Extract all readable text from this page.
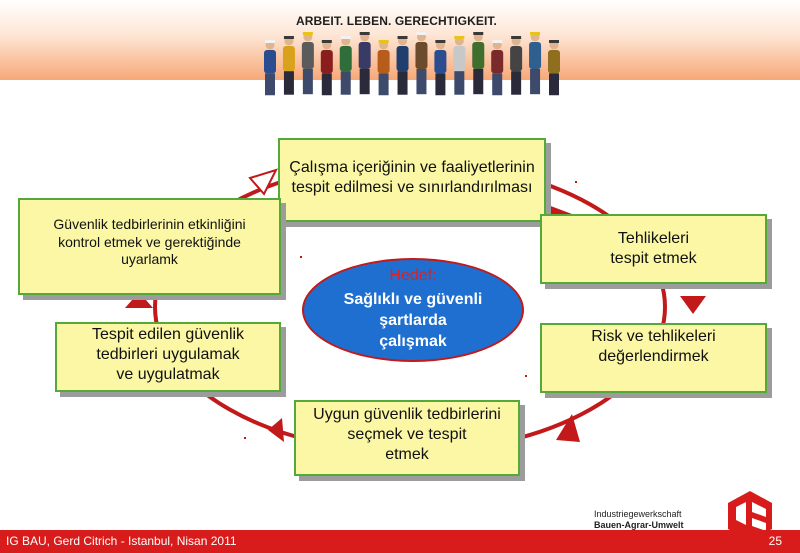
ARBEIT. LEBEN. GERECHTIGKEIT.
Çalışma içeriğinin ve faaliyetlerinin
tespit edilmesi ve sınırlandırılması
Tehlikeleri
tespit etmek
Risk ve tehlikeleri
değerlendirmek
Uygun güvenlik tedbirlerini
seçmek ve tespit
etmek
Tespit edilen güvenlik
tedbirleri uygulamak
ve uygulatmak
Güvenlik tedbirlerinin etkinliğini
kontrol etmek ve gerektiğinde
uyarlamk
Hedef:
Sağlıklı ve güvenli
şartlarda
çalışmak
Industriegewerkschaft
Bauen-Agrar-Umwelt
IG BAU, Gerd Citrich - Istanbul, Nisan 2011	25
